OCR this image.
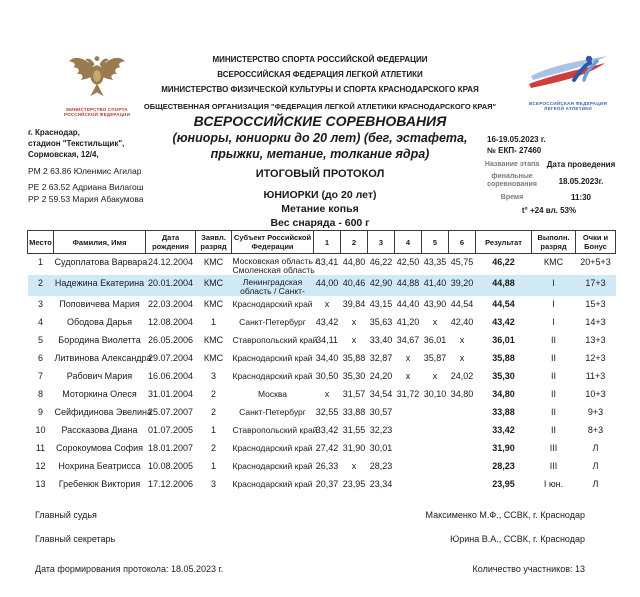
МИНИСТЕРСТВО СПОРТА
РОССИЙСКОЙ ФЕДЕРАЦИИ
ВСЕРОССИЙСКАЯ ФЕДЕРАЦИЯ
ЛЕГКОЙ АТЛЕТИКИ
МИНИСТЕРСТВО СПОРТА РОССИЙСКОЙ ФЕДЕРАЦИИ
ВСЕРОССИЙСКАЯ ФЕДЕРАЦИЯ ЛЕГКОЙ АТЛЕТИКИ
МИНИСТЕРСТВО ФИЗИЧЕСКОЙ КУЛЬТУРЫ И СПОРТА КРАСНОДАРСКОГО КРАЯ
ОБЩЕСТВЕННАЯ ОРГАНИЗАЦИЯ "ФЕДЕРАЦИЯ ЛЕГКОЙ АТЛЕТИКИ КРАСНОДАРСКОГО КРАЯ"
ВСЕРОССИЙСКИЕ СОРЕВНОВАНИЯ
(юниоры, юниорки до 20 лет) (бег, эстафета,
прыжки, метание, толкание ядра)
ИТОГОВЫЙ ПРОТОКОЛ
ЮНИОРКИ (до 20 лет)
Метание копья
Вес снаряда - 600 г
г. Краснодар,
стадион "Текстильщик",
Сормовская, 12/4,
РМ 2 63.86 Юленмис Агилар
РЕ 2 63.52 Адриана Вилагош
РР 2 59.53 Мария Абакумова
16-19.05.2023 г.
№ ЕКП- 27460
Название этапа Дата проведения
финальные соревнования	18.05.2023г.
Время	11:30
t° +24 вл. 53%
Место	Фамилия, Имя	Дата рождения	Заявл. разряд	Субъект Российской Федерации	1	2	3	4	5	6	Результат	Выполн. разряд	Очки и Бонус
1	Судоплатова Варвара	24.12.2004	КМС	Московская область /
Смоленская область	43,41	44,80	46,22	42,50	43,35	45,75	46,22	КМС	20+5+3
2	Надежина Екатерина	20.01.2004	КМС	Ленинградская
область / Санкт-	44,00	40,46	42,90	44,88	41,40	39,20	44,88	I	17+3
3	Поповичева Мария	22.03.2004	КМС	Краснодарский край	x	39,84	43,15	44,40	43,90	44,54	44,54	I	15+3
4	Ободова Дарья	12.08.2004	1	Санкт-Петербург	43,42	x	35,63	41,20	x	42,40	43,42	I	14+3
5	Бородина Виолетта	26.05.2006	КМС	Ставропольский край	34,11	x	33,40	34,67	36,01	x	36,01	II	13+3
6	Литвинова Александра	29.07.2004	КМС	Краснодарский край	34,40	35,88	32,87	x	35,87	x	35,88	II	12+3
7	Рабович Мария	16.06.2004	3	Краснодарский край	30,50	35,30	24,20	x	x	24,02	35,30	II	11+3
8	Моторкина Олеся	31.01.2004	2	Москва	x	31,57	34,54	31,72	30,10	34,80	34,80	II	10+3
9	Сейфидинова Эвелина	25.07.2007	2	Санкт-Петербург	32,55	33,88	30,57				33,88	II	9+3
10	Рассказова Диана	01.07.2005	1	Ставропольский край	33,42	31,55	32,23				33,42	II	8+3
11	Сорокоумова София	18.01.2007	2	Краснодарский край	27,42	31,90	30,01				31,90	III	Л
12	Нохрина Беатрисса	10.08.2005	1	Краснодарский край	26,33	x	28,23				28,23	III	Л
13	Гребенюк Виктория	17.12.2006	3	Краснодарский край	20,37	23,95	23,34				23,95	I юн.	Л
Главный судья	Максименко М.Ф., ССВК, г. Краснодар
Главный секретарь	Юрина В.А., ССВК, г. Краснодар
Дата формирования протокола: 18.05.2023 г.	Количество участников: 13
